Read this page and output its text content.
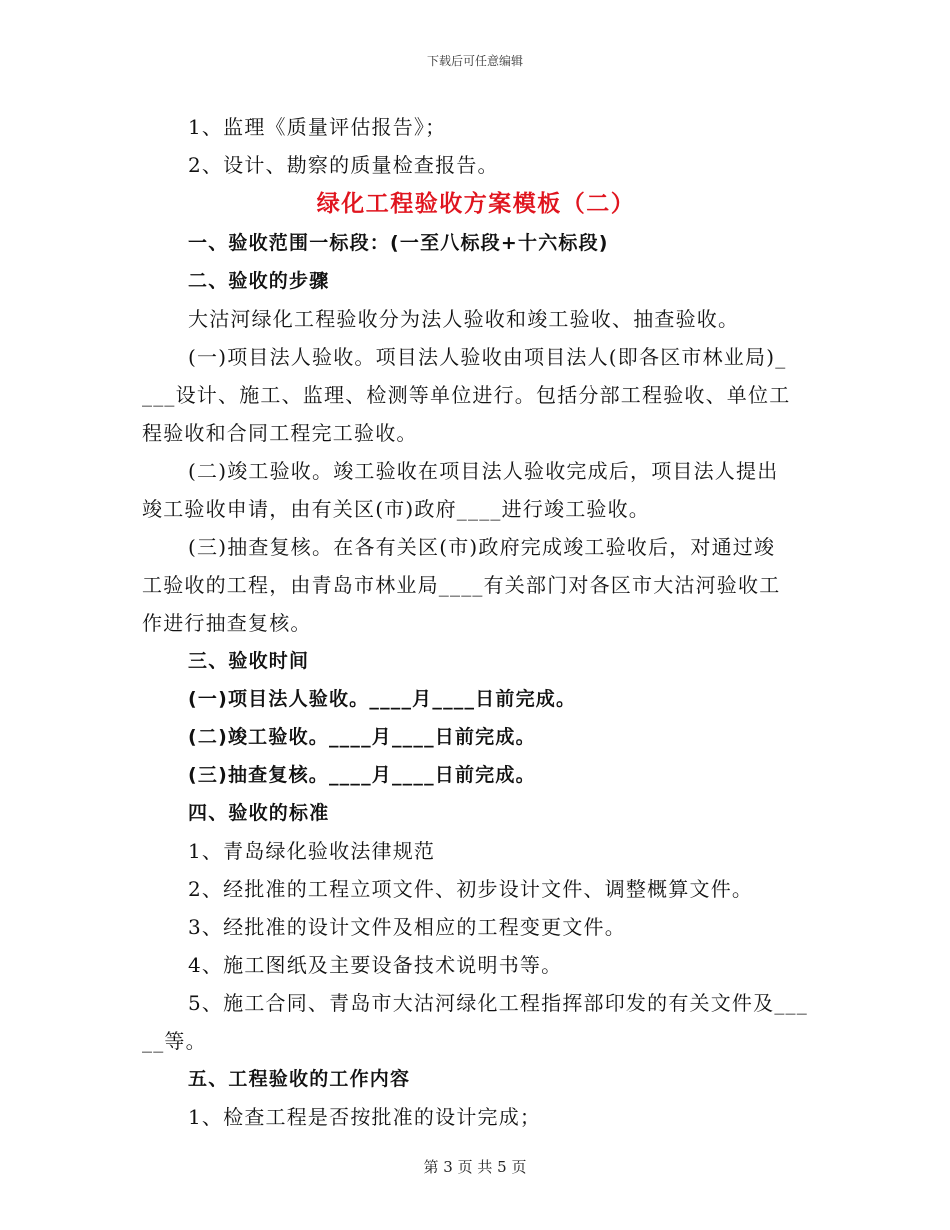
下载后可任意编辑
1、监理《质量评估报告》；
2、设计、勘察的质量检查报告。
绿化工程验收方案模板（二）
一、验收范围一标段：(一至八标段+十六标段)
二、验收的步骤
大沽河绿化工程验收分为法人验收和竣工验收、抽查验收。
(一)项目法人验收。项目法人验收由项目法人(即各区市林业局)_
___设计、施工、监理、检测等单位进行。包括分部工程验收、单位工
程验收和合同工程完工验收。
(二)竣工验收。竣工验收在项目法人验收完成后，项目法人提出
竣工验收申请，由有关区(市)政府____进行竣工验收。
(三)抽查复核。在各有关区(市)政府完成竣工验收后，对通过竣
工验收的工程，由青岛市林业局____有关部门对各区市大沽河验收工
作进行抽查复核。
三、验收时间
(一)项目法人验收。____月____日前完成。
(二)竣工验收。____月____日前完成。
(三)抽查复核。____月____日前完成。
四、验收的标准
1、青岛绿化验收法律规范
2、经批准的工程立项文件、初步设计文件、调整概算文件。
3、经批准的设计文件及相应的工程变更文件。
4、施工图纸及主要设备技术说明书等。
5、施工合同、青岛市大沽河绿化工程指挥部印发的有关文件及___
__等。
五、工程验收的工作内容
1、检查工程是否按批准的设计完成；
第 3 页 共 5 页
